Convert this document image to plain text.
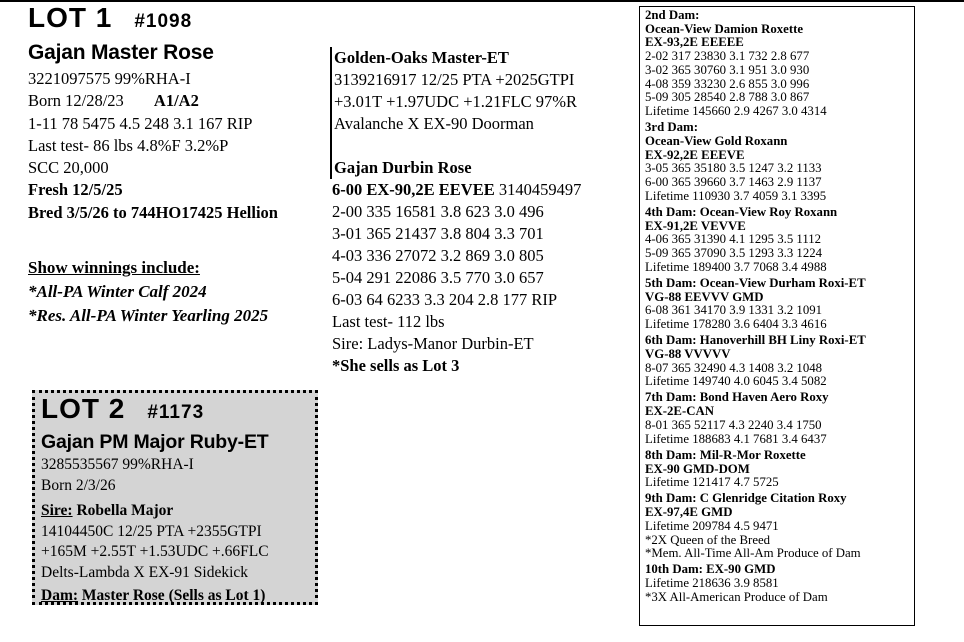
LOT 1 #1098
Gajan Master Rose
3221097575 99%RHA-I
Born 12/28/23 A1/A2
1-11 78 5475 4.5 248 3.1 167 RIP
Last test- 86 lbs 4.8%F 3.2%P
SCC 20,000
Fresh 12/5/25
Bred 3/5/26 to 744HO17425 Hellion
Show winnings include:
*All-PA Winter Calf 2024
*Res. All-PA Winter Yearling 2025
LOT 2 #1173
Gajan PM Major Ruby-ET
3285535567 99%RHA-I
Born 2/3/26
Sire: Robella Major
14104450C 12/25 PTA +2355GTPI
+165M +2.55T +1.53UDC +.66FLC
Delts-Lambda X EX-91 Sidekick
Dam: Master Rose (Sells as Lot 1)
Golden-Oaks Master-ET
3139216917 12/25 PTA +2025GTPI
+3.01T +1.97UDC +1.21FLC 97%R
Avalanche X EX-90 Doorman
Gajan Durbin Rose
6-00 EX-90,2E EEVEE 3140459497
2-00 335 16581 3.8 623 3.0 496
3-01 365 21437 3.8 804 3.3 701
4-03 336 27072 3.2 869 3.0 805
5-04 291 22086 3.5 770 3.0 657
6-03 64 6233 3.3 204 2.8 177 RIP
Last test- 112 lbs
Sire: Ladys-Manor Durbin-ET
*She sells as Lot 3
2nd Dam:
Ocean-View Damion Roxette
EX-93,2E EEEEE
2-02 317 23830 3.1 732 2.8 677
3-02 365 30760 3.1 951 3.0 930
4-08 359 33230 2.6 855 3.0 996
5-09 305 28540 2.8 788 3.0 867
Lifetime 145660 2.9 4267 3.0 4314
3rd Dam:
Ocean-View Gold Roxann
EX-92,2E EEEVE
3-05 365 35180 3.5 1247 3.2 1133
6-00 365 39660 3.7 1463 2.9 1137
Lifetime 110930 3.7 4059 3.1 3395
4th Dam: Ocean-View Roy Roxann
EX-91,2E VEVVE
4-06 365 31390 4.1 1295 3.5 1112
5-09 365 37090 3.5 1293 3.3 1224
Lifetime 189400 3.7 7068 3.4 4988
5th Dam: Ocean-View Durham Roxi-ET
VG-88 EEVVV GMD
6-08 361 34170 3.9 1331 3.2 1091
Lifetime 178280 3.6 6404 3.3 4616
6th Dam: Hanoverhill BH Liny Roxi-ET
VG-88 VVVVV
8-07 365 32490 4.3 1408 3.2 1048
Lifetime 149740 4.0 6045 3.4 5082
7th Dam: Bond Haven Aero Roxy
EX-2E-CAN
8-01 365 52117 4.3 2240 3.4 1750
Lifetime 188683 4.1 7681 3.4 6437
8th Dam: Mil-R-Mor Roxette
EX-90 GMD-DOM
Lifetime 121417 4.7 5725
9th Dam: C Glenridge Citation Roxy
EX-97,4E GMD
Lifetime 209784 4.5 9471
*2X Queen of the Breed
*Mem. All-Time All-Am Produce of Dam
10th Dam: EX-90 GMD
Lifetime 218636 3.9 8581
*3X All-American Produce of Dam
